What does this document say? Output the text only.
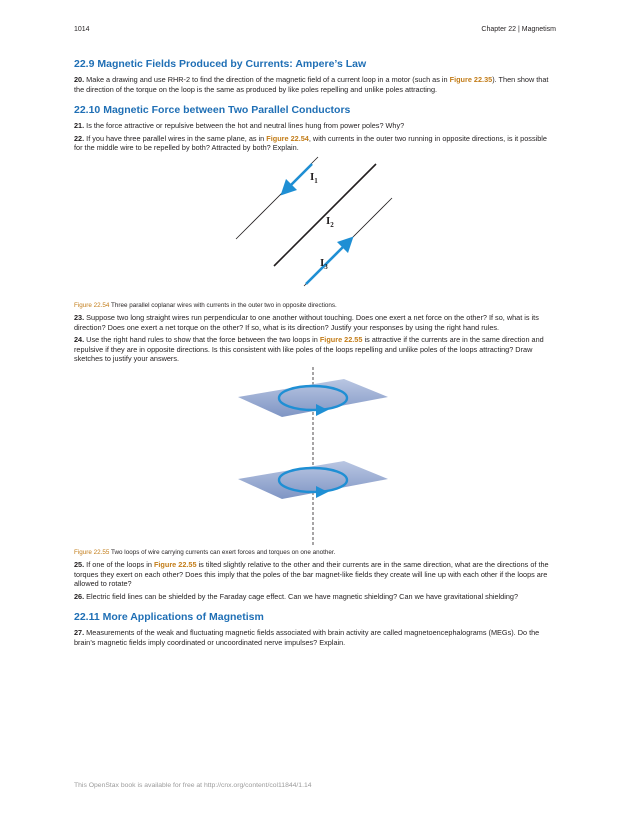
1014	Chapter 22 | Magnetism
22.9 Magnetic Fields Produced by Currents: Ampere’s Law

20. Make a drawing and use RHR-2 to find the direction of the magnetic field of a current loop in a motor (such as in Figure 22.35). Then show that the direction of the torque on the loop is the same as produced by like poles repelling and unlike poles attracting.

22.10 Magnetic Force between Two Parallel Conductors

21. Is the force attractive or repulsive between the hot and neutral lines hung from power poles? Why?

22. If you have three parallel wires in the same plane, as in Figure 22.54, with currents in the outer two running in opposite directions, is it possible for the middle wire to be repelled by both? Attracted by both? Explain.

$I_1$
$I_2$
$I_3$

Figure 22.54 Three parallel coplanar wires with currents in the outer two in opposite directions.

23. Suppose two long straight wires run perpendicular to one another without touching. Does one exert a net force on the other? If so, what is its direction? Does one exert a net torque on the other? If so, what is its direction? Justify your responses by using the right hand rules.

24. Use the right hand rules to show that the force between the two loops in Figure 22.55 is attractive if the currents are in the same direction and repulsive if they are in opposite directions. Is this consistent with like poles of the loops repelling and unlike poles of the loops attracting? Draw sketches to justify your answers.

Figure 22.55 Two loops of wire carrying currents can exert forces and torques on one another.

25. If one of the loops in Figure 22.55 is tilted slightly relative to the other and their currents are in the same direction, what are the directions of the torques they exert on each other? Does this imply that the poles of the bar magnet-like fields they create will line up with each other if the loops are allowed to rotate?

26. Electric field lines can be shielded by the Faraday cage effect. Can we have magnetic shielding? Can we have gravitational shielding?

22.11 More Applications of Magnetism

27. Measurements of the weak and fluctuating magnetic fields associated with brain activity are called magnetoencephalograms (MEGs). Do the brain’s magnetic fields imply coordinated or uncoordinated nerve impulses? Explain.

This OpenStax book is available for free at http://cnx.org/content/col11844/1.14
